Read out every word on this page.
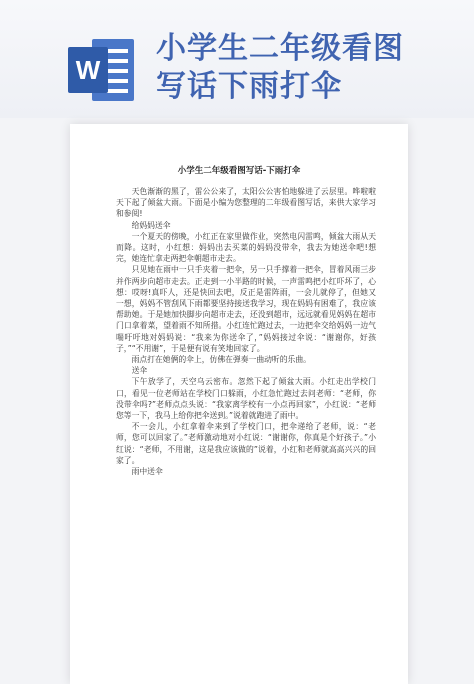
W
小学生二年级看图
写话下雨打伞
小学生二年级看图写话-下雨打伞

天色渐渐的黑了，雷公公来了，太阳公公害怕地躲进了云层里。哗啦啦天下起了倾盆大雨。下面是小编为您整理的二年级看图写话，来供大家学习和参阅!

给妈妈送伞

一个夏天的傍晚，小红正在家里做作业，突然电闪雷鸣，倾盆大雨从天而降。这时，小红想：妈妈出去买菜的妈妈没带伞，我去为她送伞吧!想完，她连忙拿走两把伞朝超市走去。

只见她在雨中一只手夹着一把伞，另一只手撑着一把伞，冒着风雨三步并作两步向超市走去。正走到一小半路的时候，一声雷鸣把小红吓坏了，心想：哎呀!真吓人，还是快回去吧，反正是雷阵雨，一会儿就停了，但她又一想，妈妈不管刮风下雨都要坚持接送我学习，现在妈妈有困难了，我应该帮助她。于是她加快脚步向超市走去，还没到超市，远远就看见妈妈在超市门口拿着菜，望着雨不知所措。小红连忙跑过去，一边把伞交给妈妈一边气喘吁吁地对妈妈说：“我来为你送伞了，”妈妈接过伞说：“谢谢你，好孩子，”“不用谢”，于是便有说有笑地回家了。

雨点打在她俩的伞上，仿佛在弹奏一曲动听的乐曲。

送伞

下午放学了，天空乌云密布。忽然下起了倾盆大雨。小红走出学校门口，看见一位老师站在学校门口躲雨，小红急忙跑过去问老师：“老师，你没带伞吗?”老师点点头说：“我家离学校有一小点再回家”，小红说：“老师您等一下，我马上给你把伞送到。”说着就跑进了雨中。

不一会儿，小红拿着伞来到了学校门口，把伞递给了老师，说：“老师，您可以回家了。”老师激动地对小红说：“谢谢你，你真是个好孩子。”小红说：“老师，不用谢，这是我应该做的”说着，小红和老师就高高兴兴的回家了。

雨中送伞
